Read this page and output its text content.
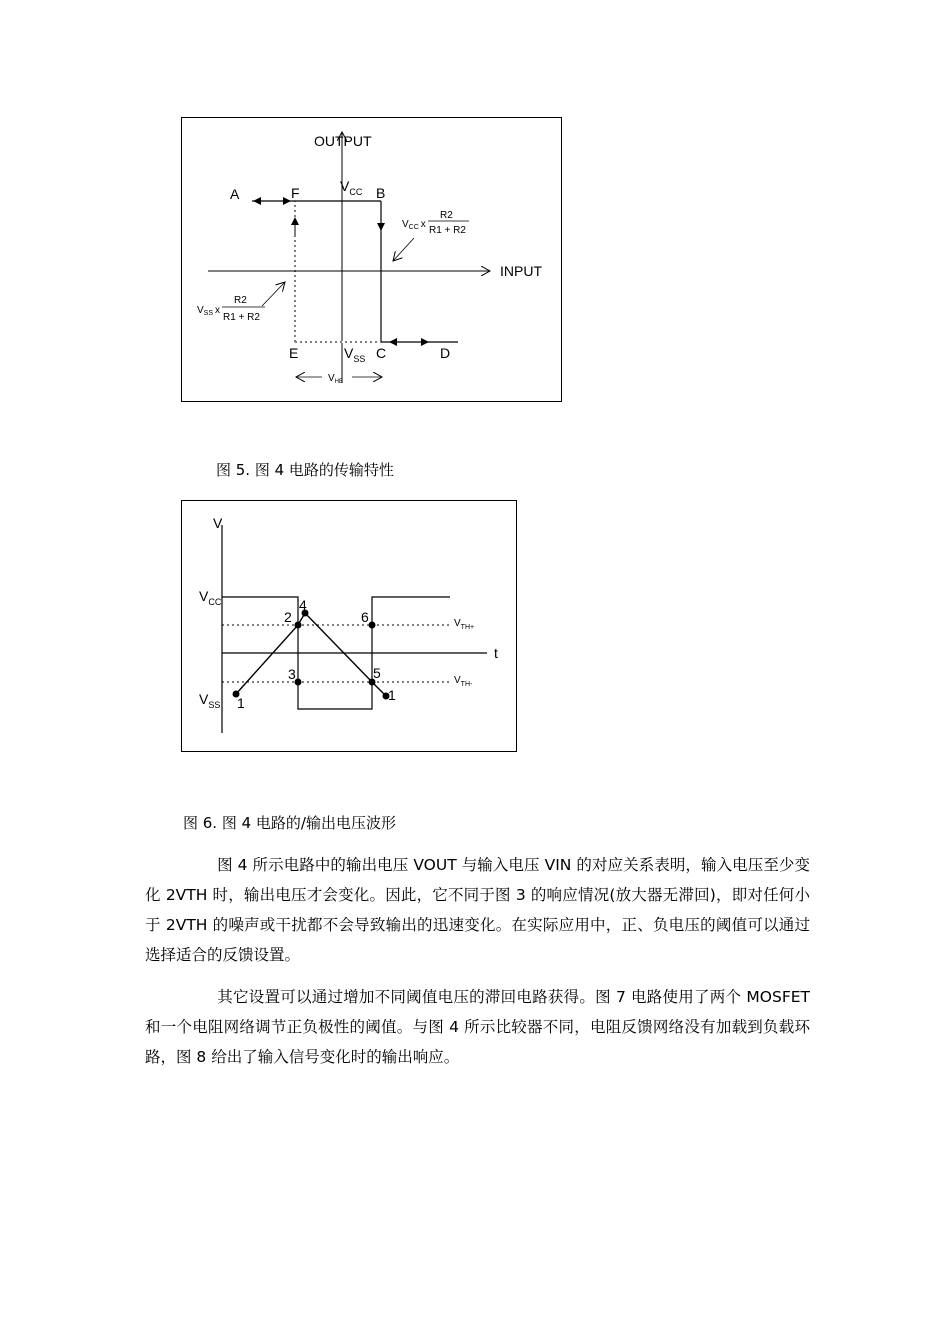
OUTPUT
INPUT
A	F	B
E	C	D
$V_{CC}$
$V_{SS}$
$V_{CC}$ x
R2
R1 + R2
$V_{SS}$ x
R2
R1 + R2
$V_{HB}$
图 5. 图 4 电路的传输特性
V
t
1
2
3
4
5
6
1
$V_{CC}$
$V_{SS}$
$V_{TH+}$
$V_{TH-}$
图 6. 图 4 电路的/输出电压波形

图 4 所示电路中的输出电压 VOUT 与输入电压 VIN 的对应关系表明，输入电压至少变化 2VTH 时，输出电压才会变化。因此，它不同于图 3 的响应情况(放大器无滞回)，即对任何小于 2VTH 的噪声或干扰都不会导致输出的迅速变化。在实际应用中，正、负电压的阈值可以通过选择适合的反馈设置。

其它设置可以通过增加不同阈值电压的滞回电路获得。图 7 电路使用了两个 MOSFET 和一个电阻网络调节正负极性的阈值。与图 4 所示比较器不同，电阻反馈网络没有加载到负载环路，图 8 给出了输入信号变化时的输出响应。
